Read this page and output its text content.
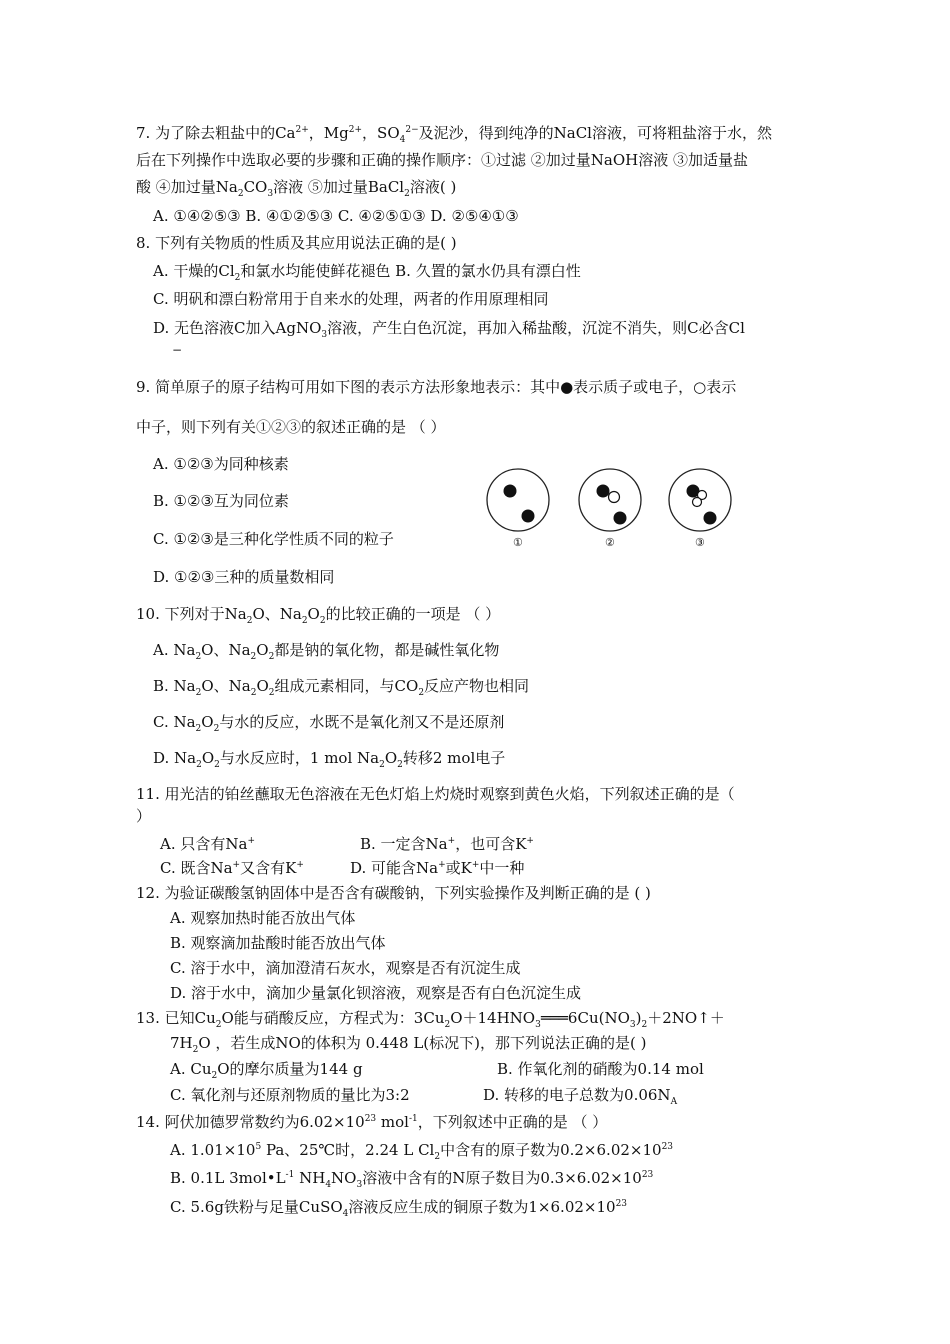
7. 为了除去粗盐中的$Ca^{2+}$，$Mg^{2+}$，$SO_4^{2-}$及泥沙，得到纯净的NaCl溶液，可将粗盐溶于水，然
后在下列操作中选取必要的步骤和正确的操作顺序：①过滤 ②加过量NaOH溶液 ③加适量盐
酸 ④加过量$Na_2CO_3$溶液 ⑤加过量BaCl$_2$溶液( )
A. ①④②⑤③ B. ④①②⑤③ C. ④②⑤①③ D. ②⑤④①③
8. 下列有关物质的性质及其应用说法正确的是( )
A. 干燥的$Cl_2$和氯水均能使鲜花褪色 B. 久置的氯水仍具有漂白性
C. 明矾和漂白粉常用于自来水的处理，两者的作用原理相同
D. 无色溶液C加入AgNO$_3$溶液，产生白色沉淀，再加入稀盐酸，沉淀不消失，则C必含Cl
−
9. 简单原子的原子结构可用如下图的表示方法形象地表示：其中●表示质子或电子，○表示
中子，则下列有关①②③的叙述正确的是 （ ）
A. ①②③为同种核素
B. ①②③互为同位素
C. ①②③是三种化学性质不同的粒子
D. ①②③三种的质量数相同
①	②	③
10. 下列对于$Na_2O$、$Na_2O_2$的比较正确的一项是 （ ）
A. $Na_2O$、$Na_2O_2$都是钠的氧化物，都是碱性氧化物
B. $Na_2O$、$Na_2O_2$组成元素相同，与$CO_2$反应产物也相同
C. $Na_2O_2$与水的反应，水既不是氧化剂又不是还原剂
D. $Na_2O_2$与水反应时，1 mol $Na_2O_2$转移2 mol电子
11. 用光洁的铂丝蘸取无色溶液在无色灯焰上灼烧时观察到黄色火焰，下列叙述正确的是（
）
A. 只含有Na+	B. 一定含Na+，也可含K+
C. 既含Na+又含有K+	D. 可能含Na+或K+中一种
12. 为验证碳酸氢钠固体中是否含有碳酸钠，下列实验操作及判断正确的是 ( )
A. 观察加热时能否放出气体
B. 观察滴加盐酸时能否放出气体
C. 溶于水中，滴加澄清石灰水，观察是否有沉淀生成
D. 溶于水中，滴加少量氯化钡溶液，观察是否有白色沉淀生成
13. 已知$Cu_2O$能与硝酸反应，方程式为：$3Cu_2O+14HNO_3═══6Cu(NO_3)_2+2NO↑+$
$7H_2O$ ，若生成NO的体积为 0.448 L(标况下)，那下列说法正确的是( )
A. $Cu_2O$的摩尔质量为144 g	B. 作氧化剂的硝酸为0.14 mol
C. 氧化剂与还原剂物质的量比为3:2	D. 转移的电子总数为$0.06N_A$
14. 阿伏加德罗常数约为$6.02\times 10^{23}$ mol$^{-1}$，下列叙述中正确的是 （ ）
A. $1.01\times 10^5$ Pa、25℃时，2.24 L $Cl_2$中含有的原子数为$0.2\times 6.02\times 10^{23}$
B. 0.1L $3mol•L^{-1}$ $NH_4NO_3$溶液中含有的N原子数目为$0.3\times 6.02\times 10^{23}$
C. 5.6g铁粉与足量CuSO$_4$溶液反应生成的铜原子数为$1\times 6.02\times 10^{23}$
